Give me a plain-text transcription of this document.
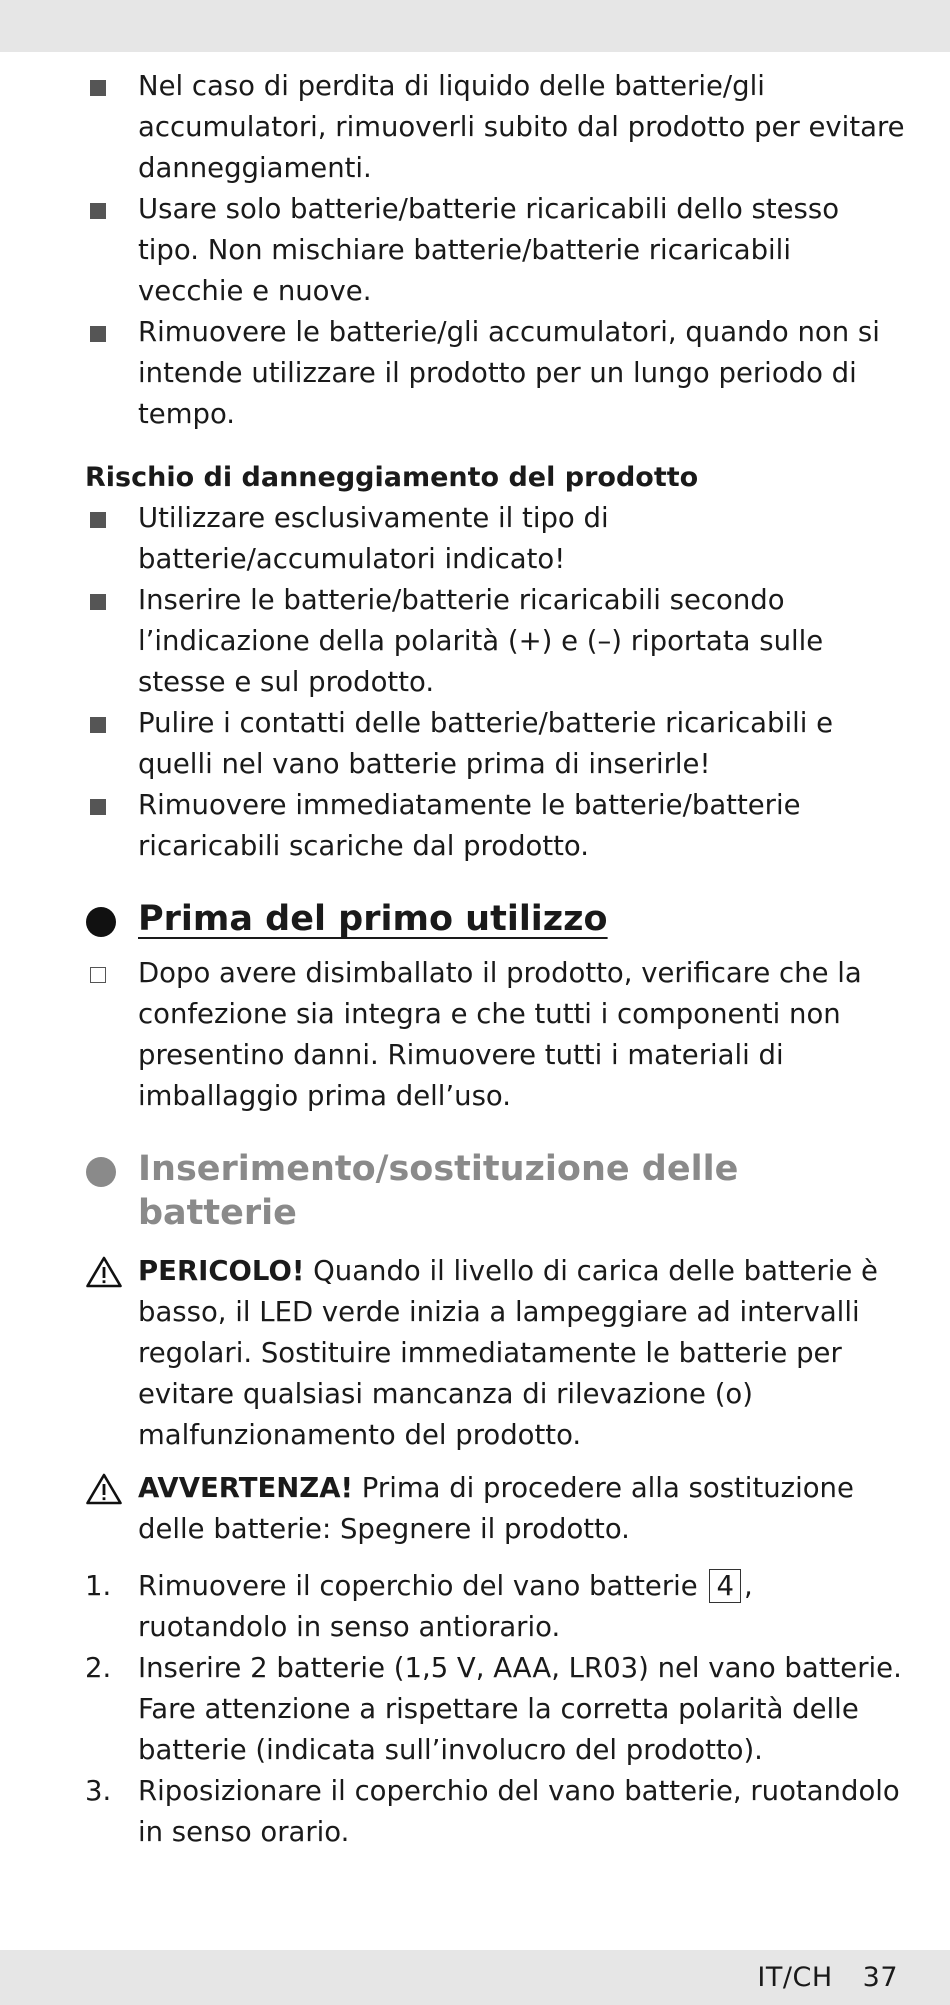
Nel caso di perdita di liquido delle batterie/gli accumulatori, rimuoverli subito dal prodotto per evitare danneggiamenti.
Usare solo batterie/batterie ricaricabili dello stesso tipo. Non mischiare batterie/batterie ricaricabili vecchie e nuove.
Rimuovere le batterie/gli accumulatori, quando non si intende utilizzare il prodotto per un lungo periodo di tempo.
Rischio di danneggiamento del prodotto
Utilizzare esclusivamente il tipo di batterie/accumulatori indicato!
Inserire le batterie/batterie ricaricabili secondo l’indicazione della polarità (+) e (–) riportata sulle stesse e sul prodotto.
Pulire i contatti delle batterie/batterie ricaricabili e quelli nel vano batterie prima di inserirle!
Rimuovere immediatamente le batterie/batterie ricaricabili scariche dal prodotto.
Prima del primo utilizzo
Dopo avere disimballato il prodotto, verificare che la confezione sia integra e che tutti i componenti non presentino danni. Rimuovere tutti i materiali di imballaggio prima dell’uso.
Inserimento/sostituzione delle batterie
PERICOLO! Quando il livello di carica delle batterie è basso, il LED verde inizia a lampeggiare ad intervalli regolari. Sostituire immediatamente le batterie per evitare qualsiasi mancanza di rilevazione (o) malfunzionamento del prodotto.
AVVERTENZA! Prima di procedere alla sostituzione delle batterie: Spegnere il prodotto.
1. Rimuovere il coperchio del vano batterie 4 , ruotandolo in senso antiorario.
2. Inserire 2 batterie (1,5 V, AAA, LR03) nel vano batterie. Fare attenzione a rispettare la corretta polarità delle batterie (indicata sull’involucro del prodotto).
3. Riposizionare il coperchio del vano batterie, ruotandolo in senso orario.
IT/CH 37
